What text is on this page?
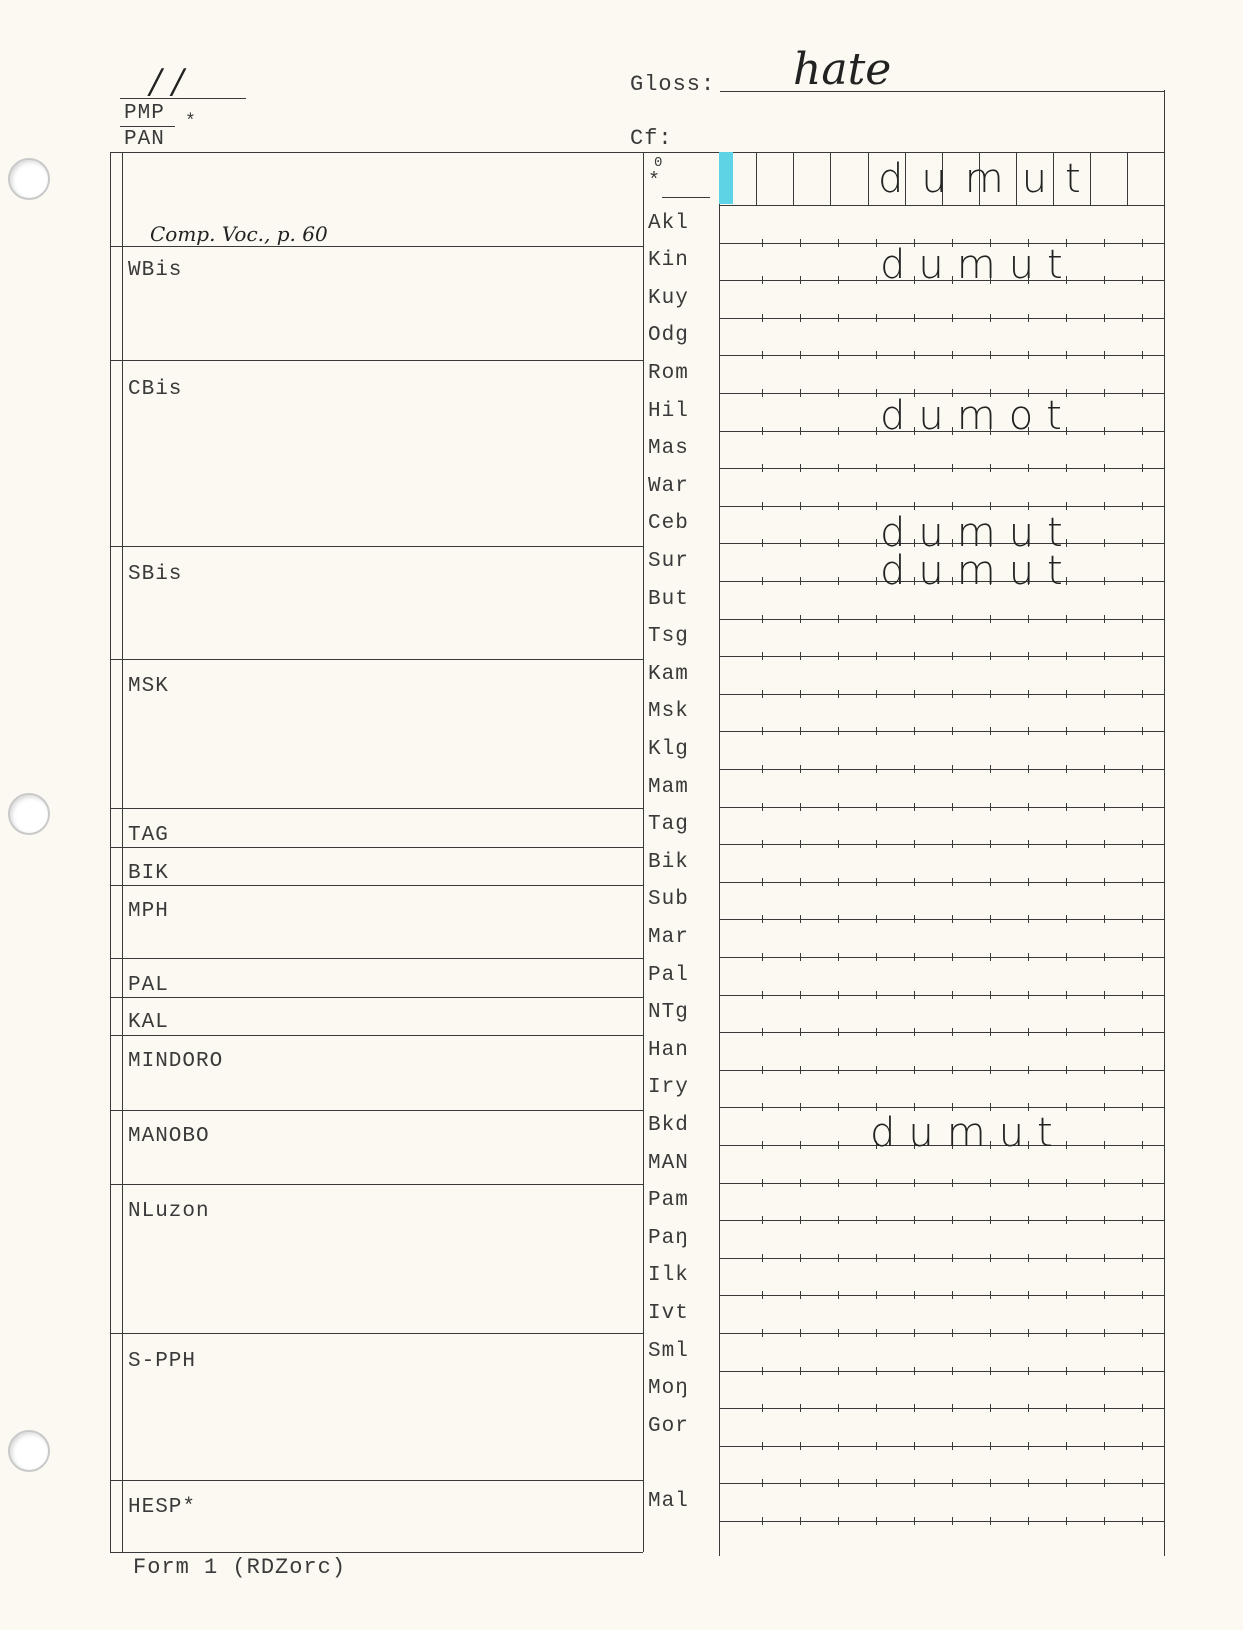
/ /
PMP *
PAN
Gloss: hate
Cf:
0
*	dumut
Comp. Voc., p. 60
WBis
CBis
SBis
MSK
TAG
BIK
MPH
PAL
KAL
MINDORO
MANOBO
NLuzon
S-PPH
HESP*
Akl
Kin
Kuy
Odg
Rom
Hil
Mas
War
Ceb
Sur
But
Tsg
Kam
Msk
Klg
Mam
Tag
Bik
Sub
Mar
Pal
NTg
Han
Iry
Bkd
MAN
Pam
Paŋ
Ilk
Ivt
Sml
Moŋ
Gor
Mal
dumut
dumot
dumut
dumut
dumut
Form 1 (RDZorc)
